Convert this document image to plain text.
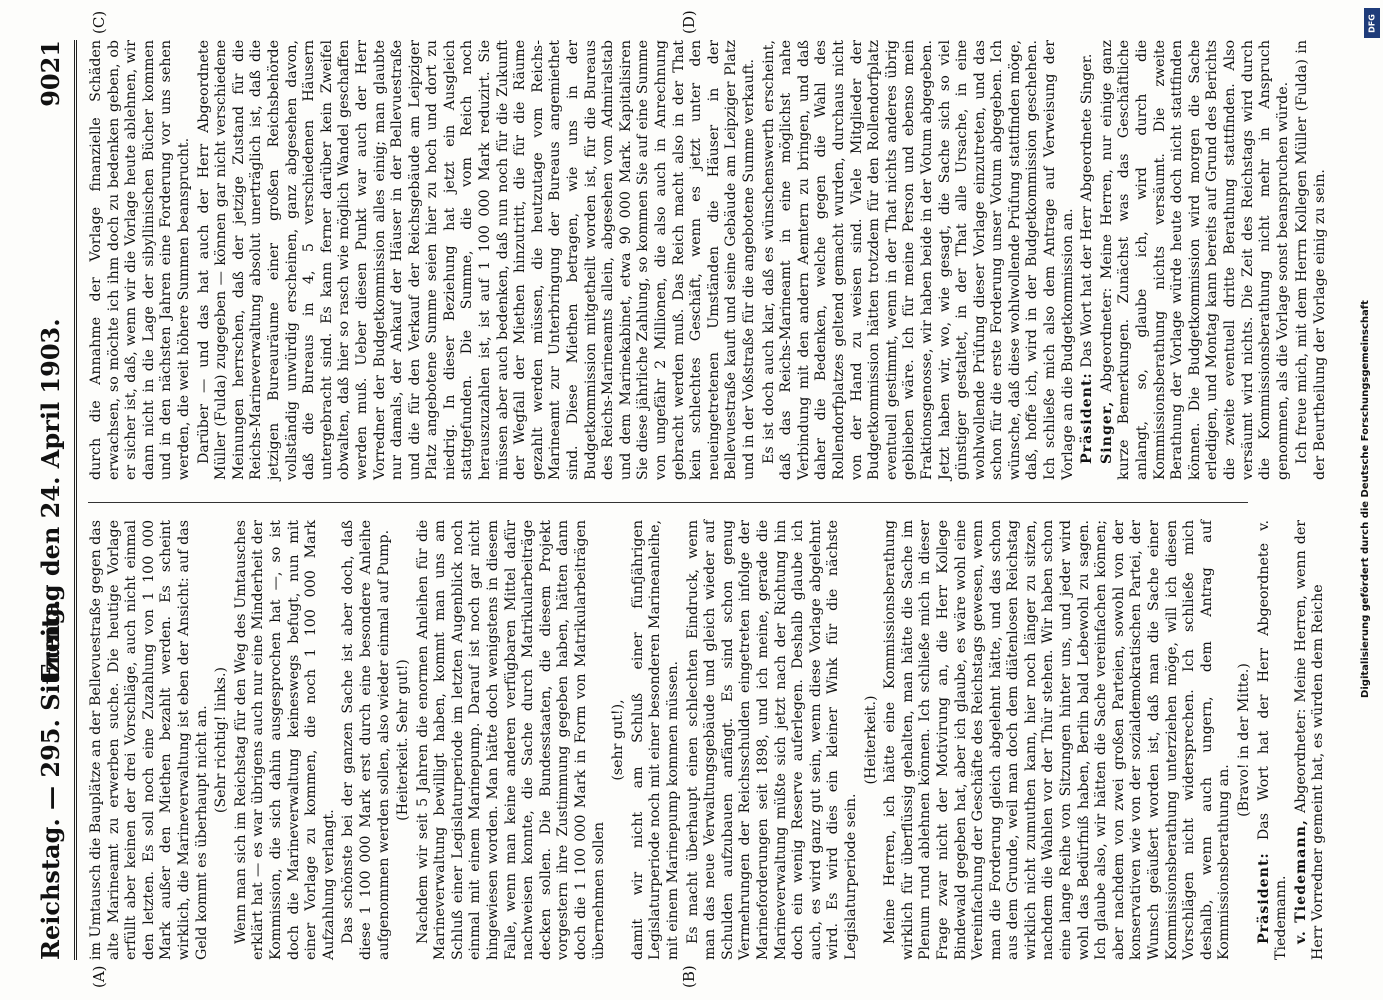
Reichstag. — 295. Sitzung.
Freitag den 24. April 1903.
9021
(A)	(B)
(C)	(D)

im Umtausch die Bauplätze an der Bellevuestraße gegen das alte Marineamt zu erwerben suche. Die heutige Vorlage erfüllt aber keinen der drei Vorschläge, auch nicht einmal den letzten. Es soll noch eine Zuzahlung von 1 100 000 Mark außer den Miethen bezahlt werden. Es scheint wirklich, die Marineverwaltung ist eben der Ansicht: auf das Geld kommt es überhaupt nicht an. (Sehr richtig! links.) Wenn man sich im Reichstag für den Weg des Umtausches erklärt hat — es war übrigens auch nur eine Minderheit der Kommission, die sich dahin ausgesprochen hat —, so ist doch die Marineverwaltung keineswegs befugt, nun mit einer Vorlage zu kommen, die noch 1 100 000 Mark Aufzahlung verlangt. Das schönste bei der ganzen Sache ist aber doch, daß diese 1 100 000 Mark erst durch eine besondere Anleihe aufgenommen werden sollen, also wieder einmal auf Pump. (Heiterkeit. Sehr gut!) Nachdem wir seit 5 Jahren die enormen Anleihen für die Marineverwaltung bewilligt haben, kommt man uns am Schluß einer Legislaturperiode im letzten Augenblick noch einmal mit einem Marinepump. Darauf ist noch gar nicht hingewiesen worden. Man hätte doch wenigstens in diesem Falle, wenn man keine anderen verfügbaren Mittel dafür nachweisen konnte, die Sache durch Matrikularbeiträge decken sollen. Die Bundesstaaten, die diesem Projekt vorgestern ihre Zustimmung gegeben haben, hätten dann doch die 1 100 000 Mark in Form von Matrikularbeiträgen übernehmen sollen

(sehr gut!), damit wir nicht am Schluß einer fünfjährigen Legislaturperiode noch mit einer besonderen Marineanleihe, mit einem Marinepump kommen müssen. Es macht überhaupt einen schlechten Eindruck, wenn man das neue Verwaltungsgebäude und gleich wieder auf Schulden aufzubauen anfängt. Es sind schon genug Vermehrungen der Reichsschulden eingetreten infolge der Marineforderungen seit 1898, und ich meine, gerade die Marineverwaltung müßte sich jetzt nach der Richtung hin doch ein wenig Reserve auferlegen. Deshalb glaube ich auch, es wird ganz gut sein, wenn diese Vorlage abgelehnt wird. Es wird dies ein kleiner Wink für die nächste Legislaturperiode sein.

(Heiterkeit.) Meine Herren, ich hätte eine Kommissionsberathung wirklich für überflüssig gehalten, man hätte die Sache im Plenum rund ablehnen können. Ich schließe mich in dieser Frage zwar nicht der Motivirung an, die Herr Kollege Bindewald gegeben hat, aber ich glaube, es wäre wohl eine Vereinfachung der Geschäfte des Reichstags gewesen, wenn man die Forderung gleich abgelehnt hätte, und das schon aus dem Grunde, weil man doch dem diätenlosen Reichstag wirklich nicht zumuthen kann, hier noch länger zu sitzen, nachdem die Wahlen vor der Thür stehen. Wir haben schon eine lange Reihe von Sitzungen hinter uns, und jeder wird wohl das Bedürfniß haben, Berlin bald Lebewohl zu sagen. Ich glaube also, wir hätten die Sache vereinfachen können; aber nachdem von zwei großen Parteien, sowohl von der konservativen wie von der sozialdemokratischen Partei, der Wunsch geäußert worden ist, daß man die Sache einer Kommissionsberathung unterziehen möge, will ich diesen Vorschlägen nicht widersprechen. Ich schließe mich deshalb, wenn auch ungern, dem Antrag auf Kommissionsberathung an.

(Bravo! in der Mitte.)

Präsident: Das Wort hat der Herr Abgeordnete v. Tiedemann. v. Tiedemann, Abgeordneter: Meine Herren, wenn der Herr Vorredner gemeint hat, es würden dem Reiche

durch die Annahme der Vorlage finanzielle Schäden erwachsen, so möchte ich ihm doch zu bedenken geben, ob er sicher ist, daß, wenn wir die Vorlage heute ablehnen, wir dann nicht in die Lage der sibyllinischen Bücher kommen und in den nächsten Jahren eine Forderung vor uns sehen werden, die weit höhere Summen beansprucht. Darüber — und das hat auch der Herr Abgeordnete Müller (Fulda) zugegeben — können gar nicht verschiedene Meinungen herrschen, daß der jetzige Zustand für die Reichs-Marineverwaltung absolut unerträglich ist, daß die jetzigen Bureauräume einer großen Reichsbehörde vollständig unwürdig erscheinen, ganz abgesehen davon, daß die Bureaus in 4, 5 verschiedenen Häusern untergebracht sind. Es kann ferner darüber kein Zweifel obwalten, daß hier so rasch wie möglich Wandel geschaffen werden muß. Ueber diesen Punkt war auch der Herr Vorredner der Budgetkommission alles einig; man glaubte nur damals, der Ankauf der Häuser in der Bellevuestraße und die für den Verkauf der Reichsgebäude am Leipziger Platz angebotene Summe seien hier zu hoch und dort zu niedrig. In dieser Beziehung hat jetzt ein Ausgleich stattgefunden. Die Summe, die vom Reich noch herauszuzahlen ist, ist auf 1 100 000 Mark reduzirt. Sie müssen aber auch bedenken, daß nun noch für die Zukunft der Wegfall der Miethen hinzutritt, die für die Räume gezahlt werden müssen, die heutzutage vom Reichs-Marineamt zur Unterbringung der Bureaus angemiethet sind. Diese Miethen betragen, wie uns in der Budgetkommission mitgetheilt worden ist, für die Bureaus des Reichs-Marineamts allein, abgesehen vom Admiralstab und dem Marinekabinet, etwa 90 000 Mark. Kapitalisiren Sie diese jährliche Zahlung, so kommen Sie auf eine Summe von ungefähr 2 Millionen, die also auch in Anrechnung gebracht werden muß. Das Reich macht also in der That kein schlechtes Geschäft, wenn es jetzt unter den neueingetretenen Umständen die Häuser in der Bellevuestraße kauft und seine Gebäude am Leipziger Platz und in der Voßstraße für die angebotene Summe verkauft. Es ist doch auch klar, daß es wünschenswerth erscheint, daß das Reichs-Marineamt in eine möglichst nahe Verbindung mit den andern Aemtern zu bringen, und daß daher die Bedenken, welche gegen die Wahl des Rollendorfplatzes geltend gemacht wurden, durchaus nicht von der Hand zu weisen sind. Viele Mitglieder der Budgetkommission hätten trotzdem für den Rollendorfplatz eventuell gestimmt, wenn in der That nichts anderes übrig geblieben wäre. Ich für meine Person und ebenso mein Fraktionsgenosse, wir haben beide in der Votum abgegeben. Jetzt haben wir, wo, wie gesagt, die Sache sich so viel günstiger gestaltet, in der That alle Ursache, in eine wohlwollende Prüfung dieser Vorlage einzutreten, und das schon für die erste Forderung unser Votum abgegeben. Ich wünsche, daß diese wohlwollende Prüfung stattfinden möge, daß, hoffe ich, wird in der Budgetkommission geschehen. Ich schließe mich also dem Antrage auf Verweisung der Vorlage an die Budgetkommission an. Präsident: Das Wort hat der Herr Abgeordnete Singer.

Singer, Abgeordneter: Meine Herren, nur einige ganz kurze Bemerkungen. Zunächst was das Geschäftliche anlangt, so, glaube ich, wird durch die Kommissionsberathung nichts versäumt. Die zweite Berathung der Vorlage würde heute doch nicht stattfinden können. Die Budgetkommission wird morgen die Sache erledigen, und Montag kann bereits auf Grund des Berichts die zweite eventuell dritte Berathung stattfinden. Also versäumt wird nichts. Die Zeit des Reichstags wird durch die Kommissionsberathung nicht mehr in Anspruch genommen, als die Vorlage sonst beanspruchen würde. Ich freue mich, mit dem Herrn Kollegen Müller (Fulda) in der Beurtheilung der Vorlage einig zu sein.

DFG
Digitalisierung gefördert durch die Deutsche Forschungsgemeinschaft
